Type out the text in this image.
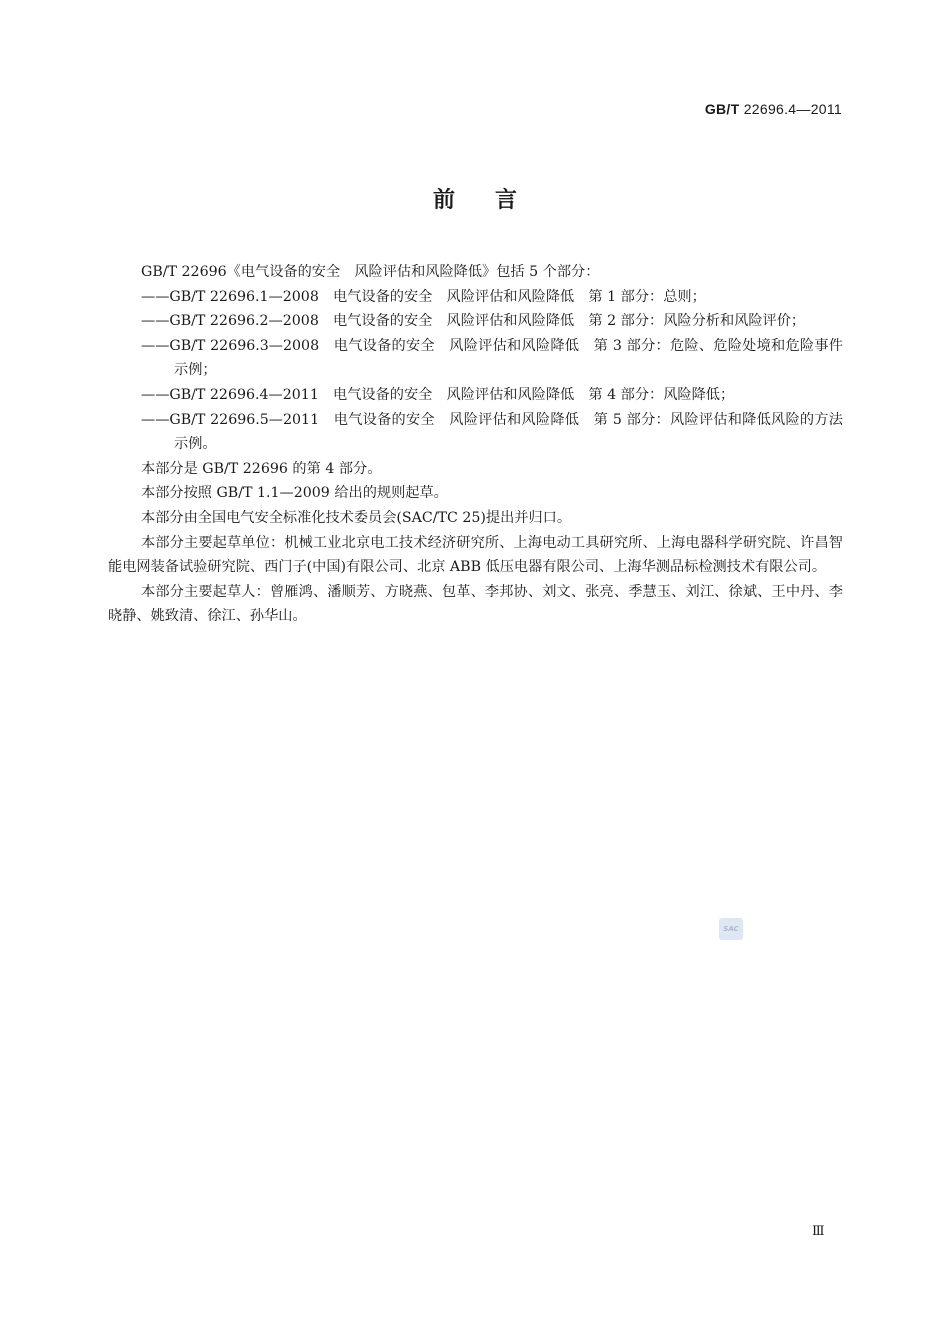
GB/T 22696.4—2011
前言

GB/T 22696《电气设备的安全　风险评估和风险降低》包括 5 个部分：

——GB/T 22696.1—2008　电气设备的安全　风险评估和风险降低　第 1 部分：总则；

——GB/T 22696.2—2008　电气设备的安全　风险评估和风险降低　第 2 部分：风险分析和风险评价；

——GB/T 22696.3—2008　电气设备的安全　风险评估和风险降低　第 3 部分：危险、危险处境和危险事件示例；

——GB/T 22696.4—2011　电气设备的安全　风险评估和风险降低　第 4 部分：风险降低；

——GB/T 22696.5—2011　电气设备的安全　风险评估和风险降低　第 5 部分：风险评估和降低风险的方法示例。

本部分是 GB/T 22696 的第 4 部分。

本部分按照 GB/T 1.1—2009 给出的规则起草。

本部分由全国电气安全标准化技术委员会(SAC/TC 25)提出并归口。

本部分主要起草单位：机械工业北京电工技术经济研究所、上海电动工具研究所、上海电器科学研究院、许昌智能电网装备试验研究院、西门子(中国)有限公司、北京 ABB 低压电器有限公司、上海华测品标检测技术有限公司。

本部分主要起草人：曾雁鸿、潘顺芳、方晓燕、包革、李邦协、刘文、张亮、季慧玉、刘江、徐斌、王中丹、李晓静、姚致清、徐江、孙华山。

SAC
Ⅲ
